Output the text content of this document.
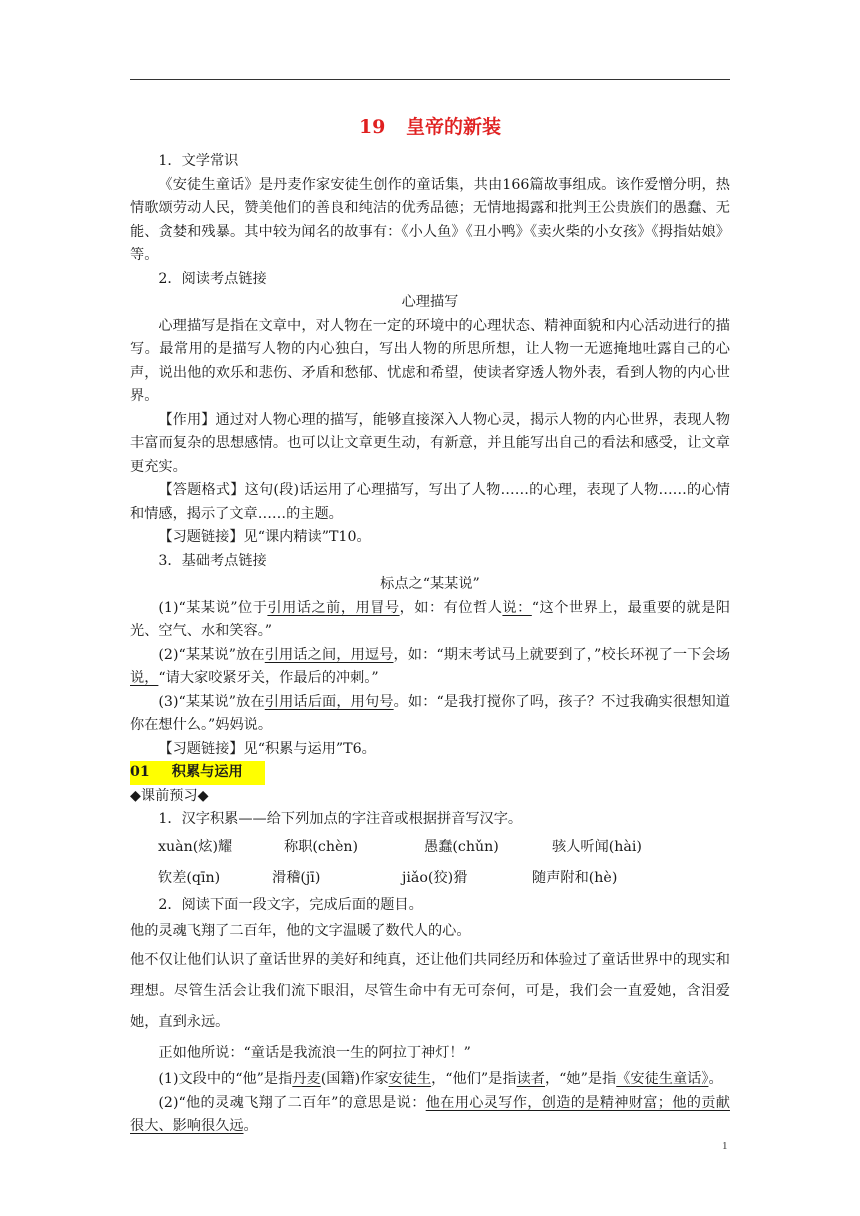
19 皇帝的新装

1．文学常识

《安徒生童话》是丹麦作家安徒生创作的童话集，共由166篇故事组成。该作爱憎分明，热情歌颂劳动人民，赞美他们的善良和纯洁的优秀品德；无情地揭露和批判王公贵族们的愚蠢、无能、贪婪和残暴。其中较为闻名的故事有：《小人鱼》《丑小鸭》《卖火柴的小女孩》《拇指姑娘》等。

2．阅读考点链接

心理描写

心理描写是指在文章中，对人物在一定的环境中的心理状态、精神面貌和内心活动进行的描写。最常用的是描写人物的内心独白，写出人物的所思所想，让人物一无遮掩地吐露自己的心声，说出他的欢乐和悲伤、矛盾和愁郁、忧虑和希望，使读者穿透人物外表，看到人物的内心世界。

【作用】通过对人物心理的描写，能够直接深入人物心灵，揭示人物的内心世界，表现人物丰富而复杂的思想感情。也可以让文章更生动，有新意，并且能写出自己的看法和感受，让文章更充实。

【答题格式】这句(段)话运用了心理描写，写出了人物……的心理，表现了人物……的心情和情感，揭示了文章……的主题。

【习题链接】见“课内精读”T10。

3．基础考点链接

标点之“某某说”

(1)“某某说”位于引用话之前，用冒号，如：有位哲人说：“这个世界上，最重要的就是阳光、空气、水和笑容。”

(2)“某某说”放在引用话之间，用逗号，如：“期末考试马上就要到了，”校长环视了一下会场说，“请大家咬紧牙关，作最后的冲刺。”

(3)“某某说”放在引用话后面，用句号。如：“是我打搅你了吗，孩子？不过我确实很想知道你在想什么。”妈妈说。

【习题链接】见“积累与运用”T6。

01 积累与运用

◆课前预习◆

1．汉字积累——给下列加点的字注音或根据拼音写汉字。

xuàn(炫)耀	称职(chèn)	愚蠢(chǔn)	骇人听闻(hài)
钦差(qīn)	滑稽(jī)	jiǎo(狡)猾	随声附和(hè)

2．阅读下面一段文字，完成后面的题目。

他的灵魂飞翔了二百年，他的文字温暖了数代人的心。

他不仅让他们认识了童话世界的美好和纯真，还让他们共同经历和体验过了童话世界中的现实和理想。尽管生活会让我们流下眼泪，尽管生命中有无可奈何，可是，我们会一直爱她，含泪爱她，直到永远。

正如他所说：“童话是我流浪一生的阿拉丁神灯！”

(1)文段中的“他”是指丹麦(国籍)作家安徒生，“他们”是指读者，“她”是指《安徒生童话》。

(2)“他的灵魂飞翔了二百年”的意思是说：他在用心灵写作，创造的是精神财富；他的贡献很大、影响很久远。

1
